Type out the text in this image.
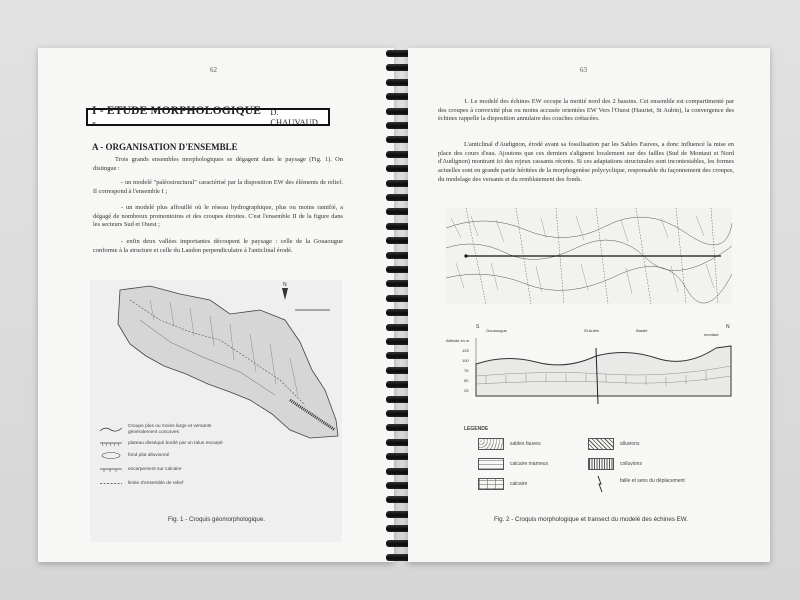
62
I - ETUDE MORPHOLOGIQUE -
D. CHAUVAUD
A - ORGANISATION D'ENSEMBLE
Trois grands ensembles morphologiques se dégagent dans le paysage (Fig. 1). On distingue :
- un modelé "paléostructural" caractérisé par la disposition EW des éléments de relief. Il correspond à l'ensemble I ;
- un modelé plus affouillé où le réseau hydrographique, plus ou moins ramifié, a dégagé de nombreux promontoires et des croupes étroites. C'est l'ensemble II de la figure dans les secteurs Sud et Ouest ;
- enfin deux vallées importantes découpent le paysage : celle de la Gouaougue conforme à la structure et celle du Laudon perpendiculaire à l'anticlinal érodé.
N
Croupe plus ou moins large et versants généralement concaves
plateau disséqué bordé par un talus escarpé
fond plat alluvionné
escarpement sur calcaire
limite d'ensemble de relief
Fig. 1 - Croquis géomorphologique.
63
1. Le modelé des échines EW occupe la moitié nord des 2 bassins. Cet ensemble est compartimenté par des croupes à convexité plus ou moins accusée orientées EW Vers l'Ouest (Hauriet, St Aubin), la convergence des échines rappelle la disposition annulaire des couches crétacées.
L'anticlinal d'Audignon, érodé avant sa fossilisation par les Sables Fauves, a donc influencé la mise en place des cours d'eau. Ajoutons que ces derniers s'alignent localement sur des failles (Sud de Montaut et Nord d'Audignon) montrant ici des rejeux cassants récents. Si ces adaptations structurales sont incontestables, les formes actuelles sont en grande partie héritées de la morphogenèse polycyclique, responsable du façonnement des croupes, du modelage des versants et du remblaiement des fonds.
S	N
Altitude en m
Gouaougue	St Aubin	Bastet
montaut
125
100
75
50
25
LEGENDE
sables fauves	alluvions
calcaire marneux	colluvions
calcaire	faille et sens du déplacement
Fig. 2 - Croquis morphologique et transect du modelé des échines EW.
